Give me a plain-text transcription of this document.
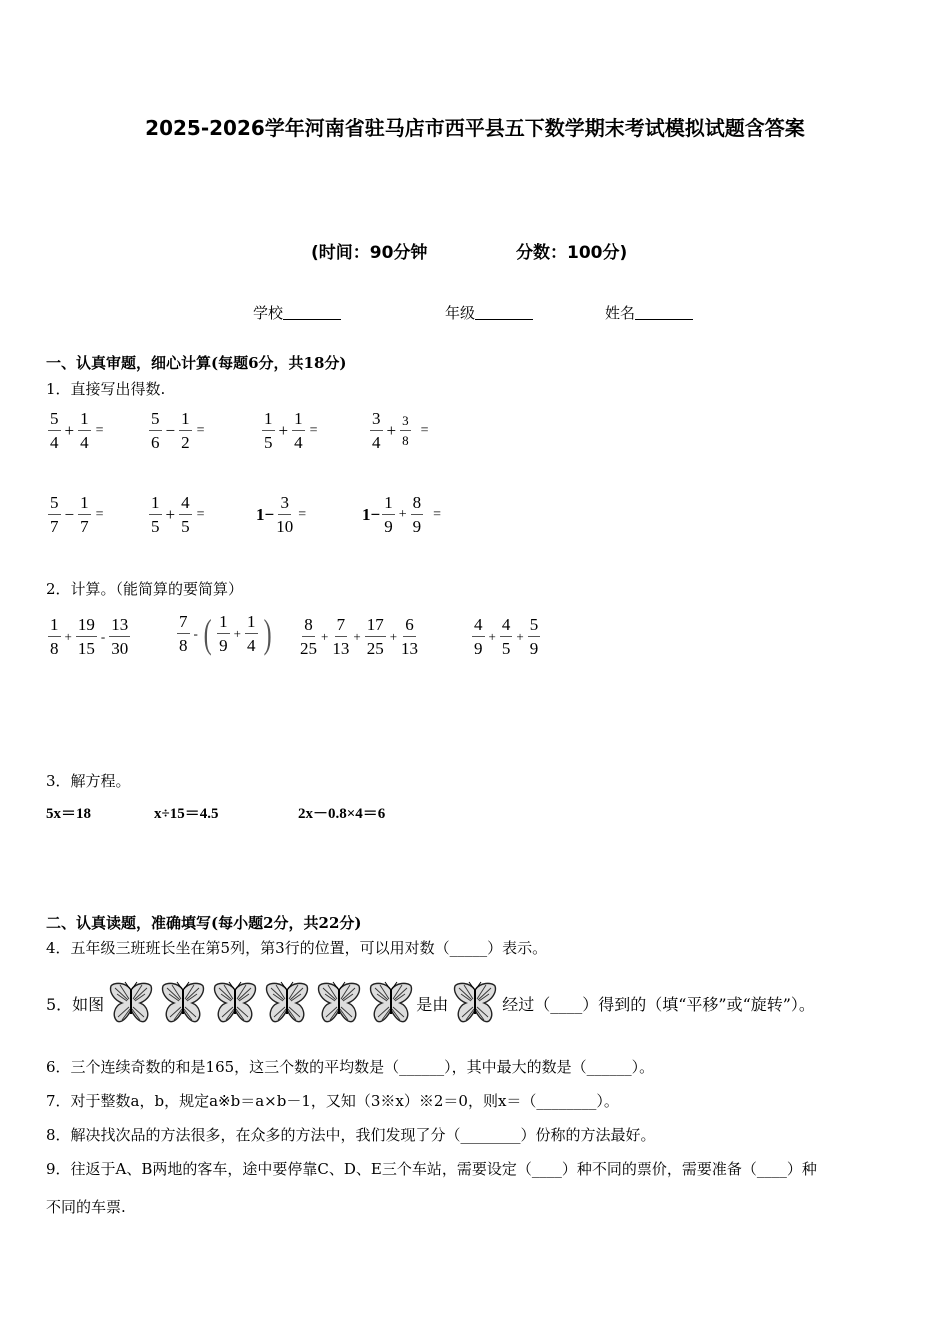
2025-2026学年河南省驻马店市西平县五下数学期末考试模拟试题含答案
(时间：90分钟	分数：100分)
学校	年级	姓名
一、认真审题，细心计算(每题6分，共18分)
1．直接写出得数.
$\frac{5}{4} + \frac{1}{4}$ =	$\frac{5}{6} - \frac{1}{2}$ =	$\frac{1}{5} + \frac{1}{4}$ =	$\frac{3}{4} + \frac{3}{8}$ =
$\frac{5}{7} - \frac{1}{7}$ =	$\frac{1}{5} + \frac{4}{5}$ =	$1- \frac{3}{10}$ =	$1- \frac{1}{9} + \frac{8}{9}$ =
2．计算。（能简算的要简算）
$\frac{1}{8} + \frac{19}{15} - \frac{13}{30}$	$\frac{7}{8}$ - ( $\frac{1}{9} + \frac{1}{4}$ ) $\frac{8}{25} + \frac{7}{13} + \frac{17}{25} + \frac{6}{13}$	$\frac{4}{9} + \frac{4}{5} + \frac{5}{9}$
3．解方程。
5x＝18	x÷15＝4.5	2x－0.8×4＝6
二、认真读题，准确填写(每小题2分，共22分)
4．五年级三班班长坐在第5列，第3行的位置，可以用对数（_____）表示。
5．如图	是由	经过（____）得到的（填“平移”或“旋转”）。
6．三个连续奇数的和是165，这三个数的平均数是（______），其中最大的数是（______）。
7．对于整数a，b，规定a※b＝a×b－1，又知（3※x）※2＝0，则x＝（________）。
8．解决找次品的方法很多，在众多的方法中，我们发现了分（________）份称的方法最好。
9．往返于A、B两地的客车，途中要停靠C、D、E三个车站，需要设定（____）种不同的票价，需要准备（____）种
不同的车票.
